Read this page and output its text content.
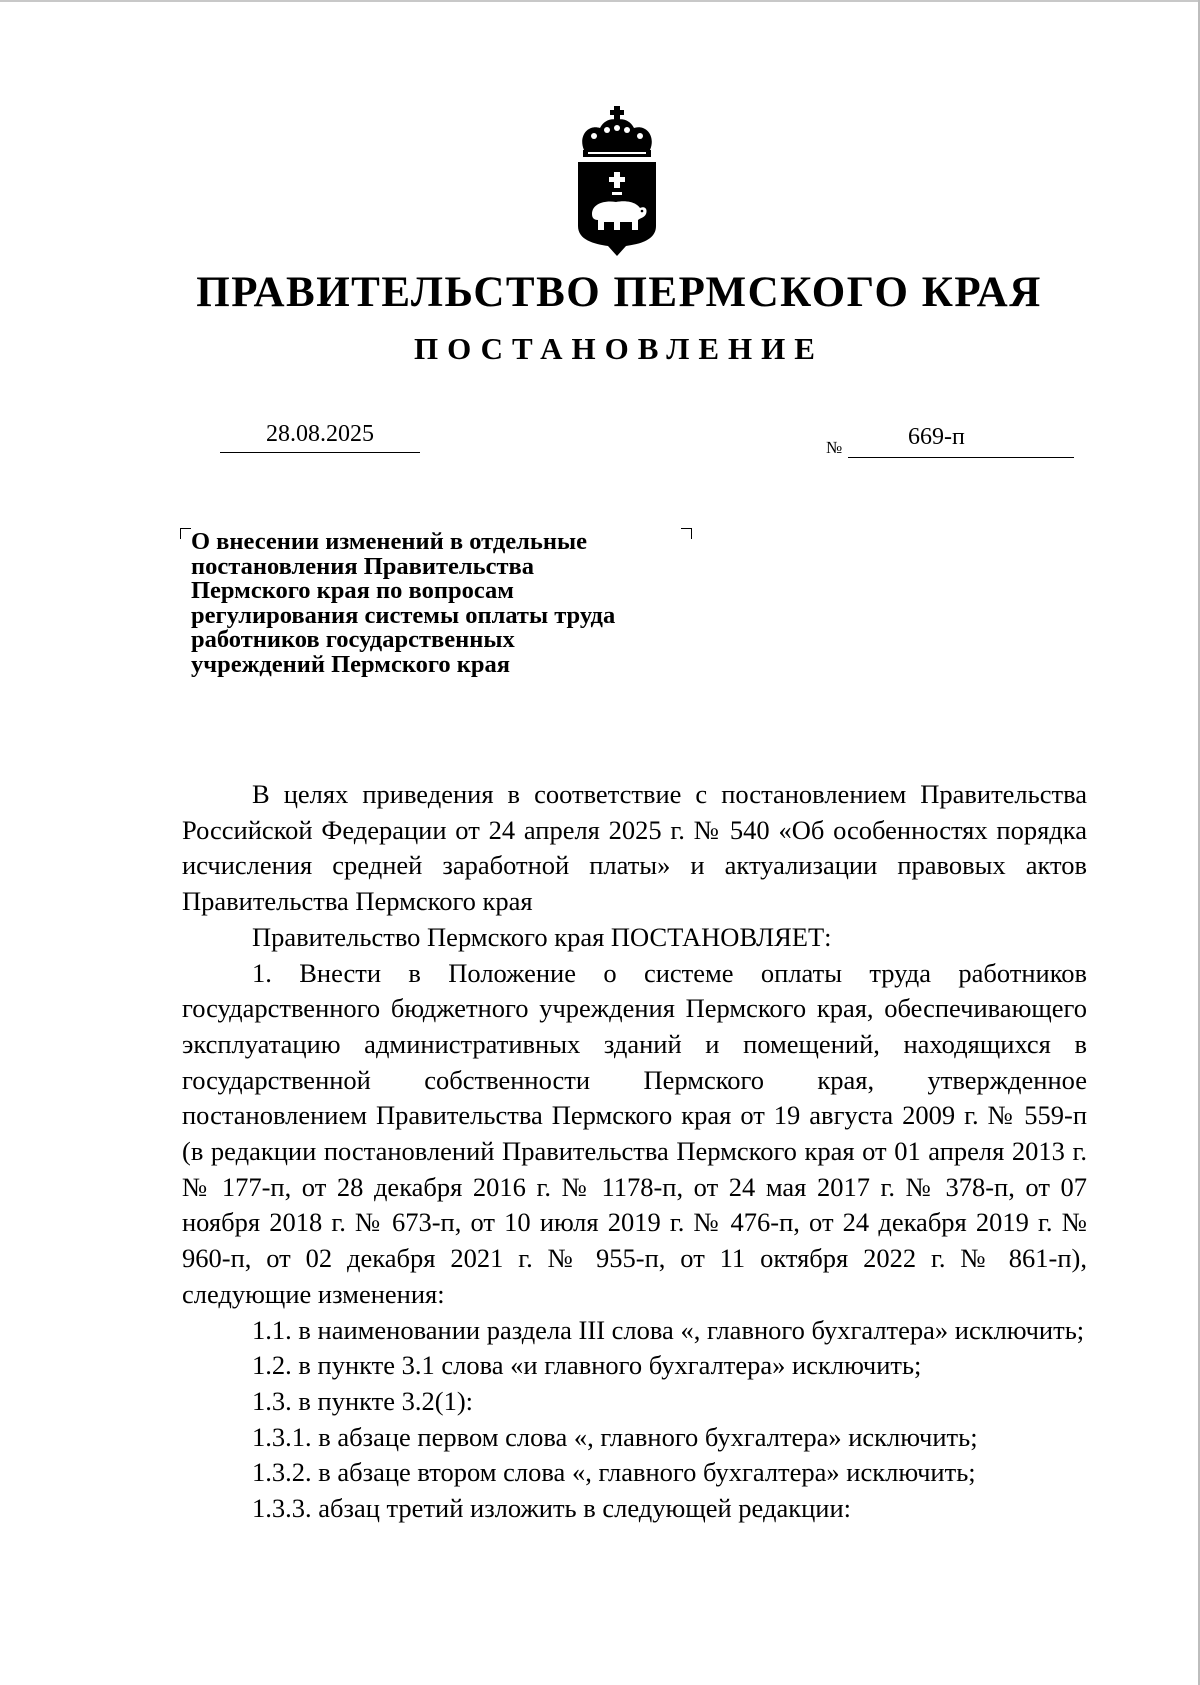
ПРАВИТЕЛЬСТВО ПЕРМСКОГО КРАЯ
ПОСТАНОВЛЕНИЕ
28.08.2025
№	669-п
О внесении изменений в отдельные
постановления Правительства
Пермского края по вопросам
регулирования системы оплаты труда
работников государственных
учреждений Пермского края

В целях приведения в соответствие с постановлением Правительства Российской Федерации от 24 апреля 2025 г. № 540 «Об особенностях порядка исчисления средней заработной платы» и актуализации правовых актов Правительства Пермского края

Правительство Пермского края ПОСТАНОВЛЯЕТ:

1. Внести в Положение о системе оплаты труда работников государственного бюджетного учреждения Пермского края, обеспечивающего эксплуатацию административных зданий и помещений, находящихся в государственной собственности Пермского края, утвержденное постановлением Правительства Пермского края от 19 августа 2009 г. № 559-п (в редакции постановлений Правительства Пермского края от 01 апреля 2013 г. № 177-п, от 28 декабря 2016 г. № 1178-п, от 24 мая 2017 г. № 378-п, от 07 ноября 2018 г. № 673-п, от 10 июля 2019 г. № 476-п, от 24 декабря 2019 г. № 960-п, от 02 декабря 2021 г. № 955-п, от 11 октября 2022 г. № 861-п), следующие изменения:

1.1. в наименовании раздела III слова «, главного бухгалтера» исключить;

1.2. в пункте 3.1 слова «и главного бухгалтера» исключить;

1.3. в пункте 3.2(1):

1.3.1. в абзаце первом слова «, главного бухгалтера» исключить;

1.3.2. в абзаце втором слова «, главного бухгалтера» исключить;

1.3.3. абзац третий изложить в следующей редакции:
